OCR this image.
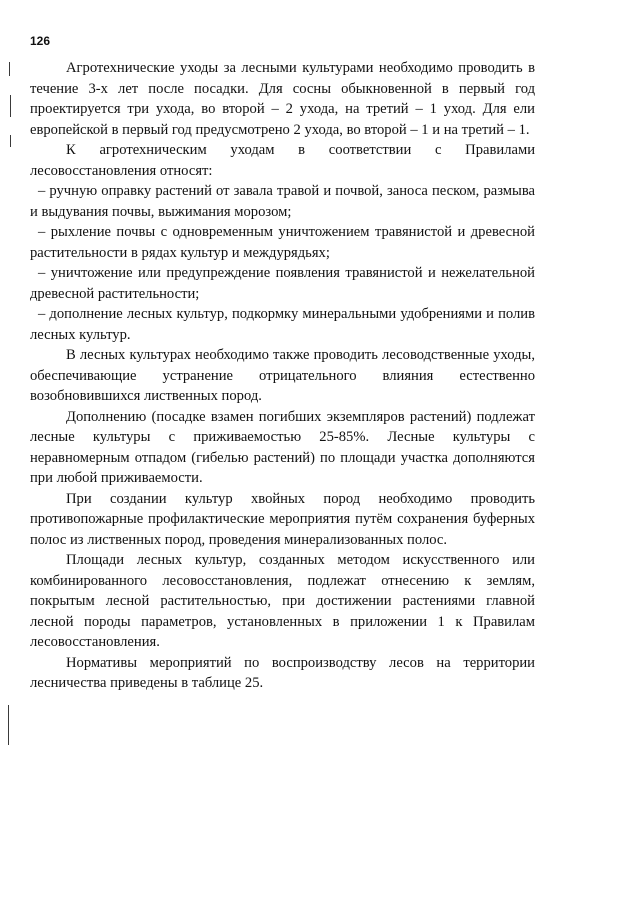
126

Агротехнические уходы за лесными культурами необходимо проводить в течение 3-х лет после посадки. Для сосны обыкновенной в первый год проектируется три ухода, во второй – 2 ухода, на третий – 1 уход. Для ели европейской в первый год предусмотрено 2 ухода, во второй – 1 и на третий – 1.

К агротехническим уходам в соответствии с Правилами лесовосстановления относят:

– ручную оправку растений от завала травой и почвой, заноса песком, размыва и выдувания почвы, выжимания морозом;

– рыхление почвы с одновременным уничтожением травянистой и древесной растительности в рядах культур и междурядьях;

– уничтожение или предупреждение появления травянистой и нежелательной древесной растительности;

– дополнение лесных культур, подкормку минеральными удобрениями и полив лесных культур.

В лесных культурах необходимо также проводить лесоводственные уходы, обеспечивающие устранение отрицательного влияния естественно возобновившихся лиственных пород.

Дополнению (посадке взамен погибших экземпляров растений) подлежат лесные культуры с приживаемостью 25-85%. Лесные культуры с неравномерным отпадом (гибелью растений) по площади участка дополняются при любой приживаемости.

При создании культур хвойных пород необходимо проводить противопожарные профилактические мероприятия путём сохранения буферных полос из лиственных пород, проведения минерализованных полос.

Площади лесных культур, созданных методом искусственного или комбинированного лесовосстановления, подлежат отнесению к землям, покрытым лесной растительностью, при достижении растениями главной лесной породы параметров, установленных в приложении 1 к Правилам лесовосстановления.

Нормативы мероприятий по воспроизводству лесов на территории лесничества приведены в таблице 25.
